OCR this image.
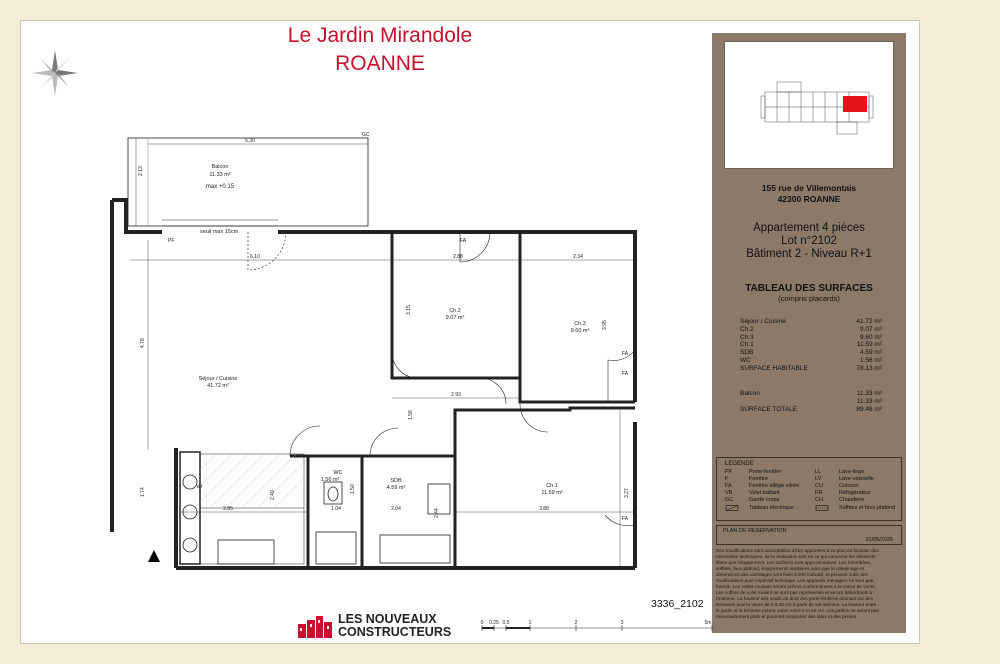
Le Jardin Mirandole
ROANNE
Balcon
11.33 m²
max +0.15
Ch.2
9.07 m²
Ch.3
9.60 m²
Séjour / Cuisine
41.72 m²
WC
1.56 m²	SDB
4.59 m²	Ch.1
11.59 m²
5.30
2.13
6.10	2.88	2.34
3.15
3.95
4.78
2.93
1.58
1.74	2.49
2.85	1.04
1.50
2.04	2.44	3.88
3.27
GC
PF	FA
FA
FA
FA
seuil max 15cm
BT
155 rue de Villemontais
42300 ROANNE
Appartement 4 pièces
Lot n°2102
Bâtiment 2 - Niveau R+1
TABLEAU DES SURFACES
(compris placards)
Séjour / Cuisine	41.72 m²
Ch.2	9.07 m²
Ch.3	9.60 m²
Ch.1	11.59 m²
SDB	4.59 m²
WC	1.56 m²
SURFACE HABITABLE	78.13 m²
Balcon	11.33 m²
11.33 m²
SURFACE TOTALE	89.46 m²
LEGENDE
PF	Porte-fenêtre	LL	Lave-linge
F	Fenêtre	LV	Lave-vaisselle
FA	Fenêtre allège vitrée	CU	Cuisson
VB	Volet battant	FR	Réfrigérateur
GC	Garde corps	CH	Chaudière
Tableau électrique	Soffites et faux-plafond
PLAN DE RESERVATION
21/05/2025
Des modifications sont susceptibles d'être apportées à ce plan en fonction des
nécessités techniques, de la réalisation tant en ce qui concerne les éléments
libres que l'équipement. Les surfaces sont approximatives. Les retombées,
soffites, faux plafond, équipements sanitaires ainsi que le calepinage et
dimensions des carrelages sont fixés à titre indicatif, et peuvent subir des
modifications pour impératif technique. Les appareils ménagers ne sont pas
fournis. Les volets roulants seront prévus conformément à la notice de vente.
Les coffres de volet roulant ne sont pas représentés et seront débordants à
l'intérieur. La hauteur des seuils au droit des porte-fenêtres donnant sur des
terrasses pourra varier de 5 à 35 cm à partir du sol intérieur. La hauteur entre
le jardin et la terrasse pourra varier entre 0 et 60 cm. Les jardins ne seront pas
nécessairement plats et pourront comporter des talus et des pentes.
LES NOUVEAUX
CONSTRUCTEURS
0 0.25 0.5	1	2	3	5m
3336_2102
